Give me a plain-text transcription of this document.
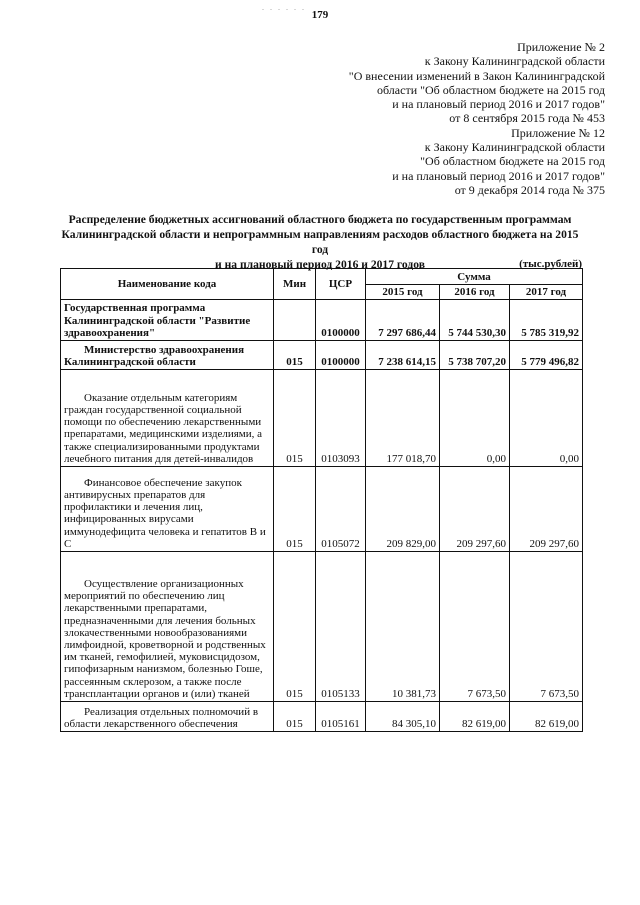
. . . . . .
179
Приложение № 2
к Закону Калининградской области
"О внесении изменений в Закон Калининградской
области "Об областном бюджете на 2015 год
и на плановый период 2016 и 2017 годов"
от 8 сентября 2015 года № 453
Приложение № 12
к Закону Калининградской области
"Об областном бюджете на 2015 год
и на плановый период 2016 и 2017 годов"
от 9 декабря 2014 года № 375
Распределение бюджетных ассигнований областного бюджета по государственным программам
Калининградской области и непрограммным направлениям расходов областного бюджета на 2015 год
и на плановый период 2016 и 2017 годов	(тыс.рублей)
Наименование кода	Мин	ЦСР	Сумма		
			2015 год	2016 год	2017 год
Государственная программа Калининградской области "Развитие здравоохранения"		0100000	7 297 686,44	5 744 530,30	5 785 319,92
Министерство здравоохранения Калининградской области	015	0100000	7 238 614,15	5 738 707,20	5 779 496,82
Оказание отдельным категориям граждан государственной социальной помощи по обеспечению лекарственными препаратами, медицинскими изделиями, а также специализированными продуктами лечебного питания для детей-инвалидов	015	0103093	177 018,70	0,00	0,00
Финансовое обеспечение закупок антивирусных препаратов для профилактики и лечения лиц, инфицированных вирусами иммунодефицита человека и гепатитов В и С	015	0105072	209 829,00	209 297,60	209 297,60
Осуществление организационных мероприятий по обеспечению лиц лекарственными препаратами, предназначенными для лечения больных злокачественными новообразованиями лимфоидной, кроветворной и родственных им тканей, гемофилией, муковисцидозом, гипофизарным нанизмом, болезнью Гоше, рассеянным склерозом, а также после трансплантации органов и (или) тканей	015	0105133	10 381,73	7 673,50	7 673,50
Реализация отдельных полномочий в области лекарственного обеспечения	015	0105161	84 305,10	82 619,00	82 619,00
